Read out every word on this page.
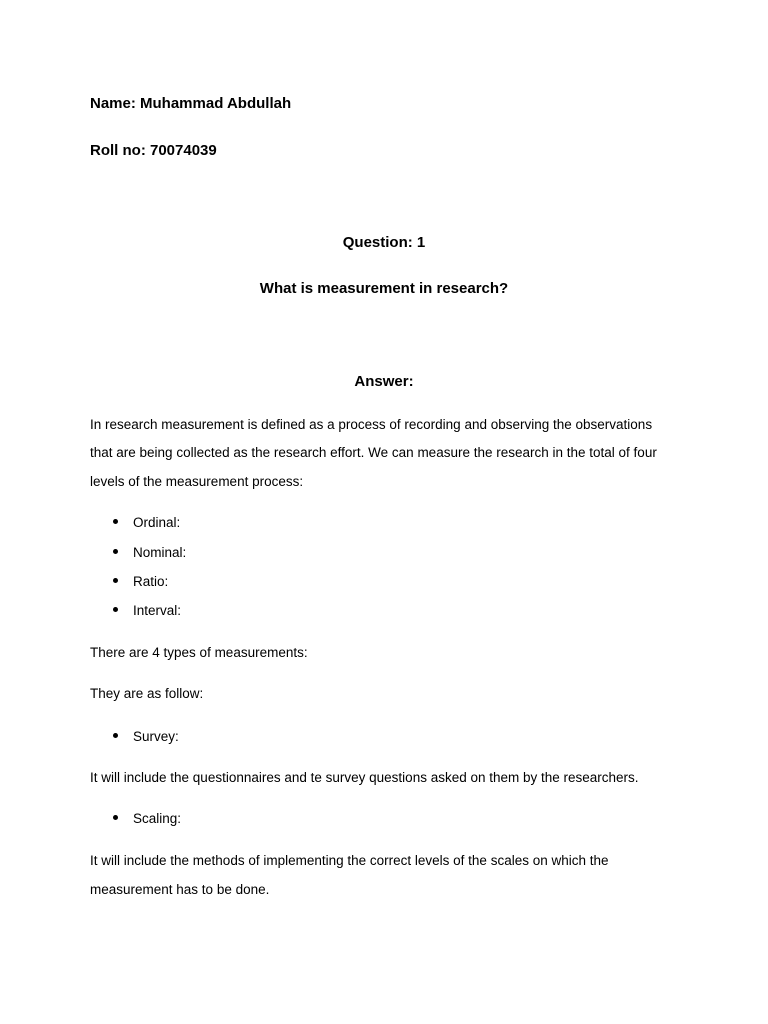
Name: Muhammad Abdullah
Roll no: 70074039
Question: 1
What is measurement in research?
Answer:
In research measurement is defined as a process of recording and observing the observations
that are being collected as the research effort. We can measure the research in the total of four
levels of the measurement process:
Ordinal:
Nominal:
Ratio:
Interval:
There are 4 types of measurements:
They are as follow:
Survey:
It will include the questionnaires and te survey questions asked on them by the researchers.
Scaling:
It will include the methods of implementing the correct levels of the scales on which the
measurement has to be done.
